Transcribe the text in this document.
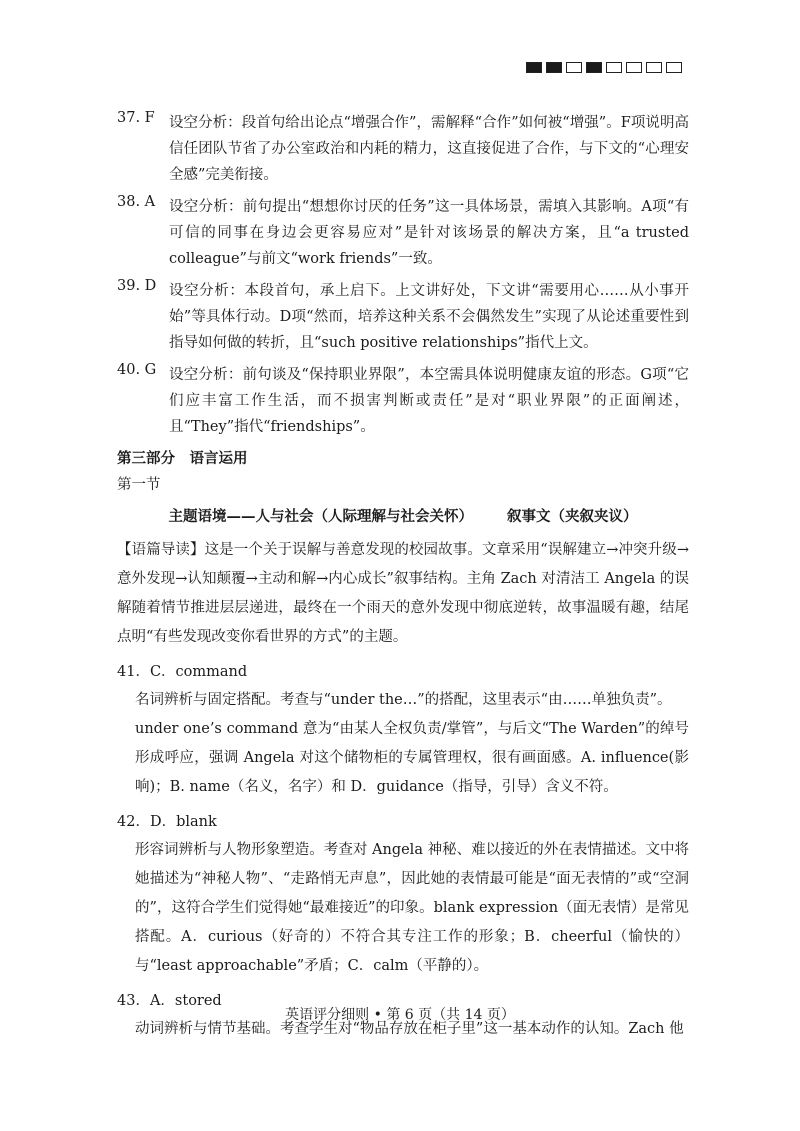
37. F 设空分析：段首句给出论点“增强合作”，需解释“合作”如何被“增强”。F项说明高信任团队节省了办公室政治和内耗的精力，这直接促进了合作，与下文的“心理安全感”完美衔接。

38. A 设空分析：前句提出“想想你讨厌的任务”这一具体场景，需填入其影响。A项“有可信的同事在身边会更容易应对”是针对该场景的解决方案，且“a trusted colleague”与前文“work friends”一致。

39. D 设空分析：本段首句，承上启下。上文讲好处，下文讲“需要用心……从小事开始”等具体行动。D项“然而，培养这种关系不会偶然发生”实现了从论述重要性到指导如何做的转折，且“such positive relationships”指代上文。

40. G 设空分析：前句谈及“保持职业界限”，本空需具体说明健康友谊的形态。G项“它们应丰富工作生活，而不损害判断或责任”是对“职业界限”的正面阐述，且“They”指代“friendships”。

第三部分　语言运用
第一节
主题语境——人与社会（人际理解与社会关怀） 叙事文（夹叙夹议）

【语篇导读】这是一个关于误解与善意发现的校园故事。文章采用“误解建立→冲突升级→意外发现→认知颠覆→主动和解→内心成长”叙事结构。主角 Zach 对清洁工 Angela 的误解随着情节推进层层递进，最终在一个雨天的意外发现中彻底逆转，故事温暖有趣，结尾点明“有些发现改变你看世界的方式”的主题。

41．C．command

名词辨析与固定搭配。考查与“under the…”的搭配，这里表示“由……单独负责”。

under one’s command 意为“由某人全权负责/掌管”，与后文“The Warden”的绰号形成呼应，强调 Angela 对这个储物柜的专属管理权，很有画面感。A. influence(影响)；B. name（名义，名字）和 D．guidance（指导，引导）含义不符。

42．D．blank

形容词辨析与人物形象塑造。考查对 Angela 神秘、难以接近的外在表情描述。文中将她描述为“神秘人物”、“走路悄无声息”，因此她的表情最可能是“面无表情的”或“空洞的”，这符合学生们觉得她“最难接近”的印象。blank expression（面无表情）是常见搭配。A．curious（好奇的）不符合其专注工作的形象；B．cheerful（愉快的）与“least approachable”矛盾；C．calm（平静的）。

43．A．stored

动词辨析与情节基础。考查学生对“物品存放在柜子里”这一基本动作的认知。Zach 他

英语评分细则 • 第 6 页（共 14 页）
